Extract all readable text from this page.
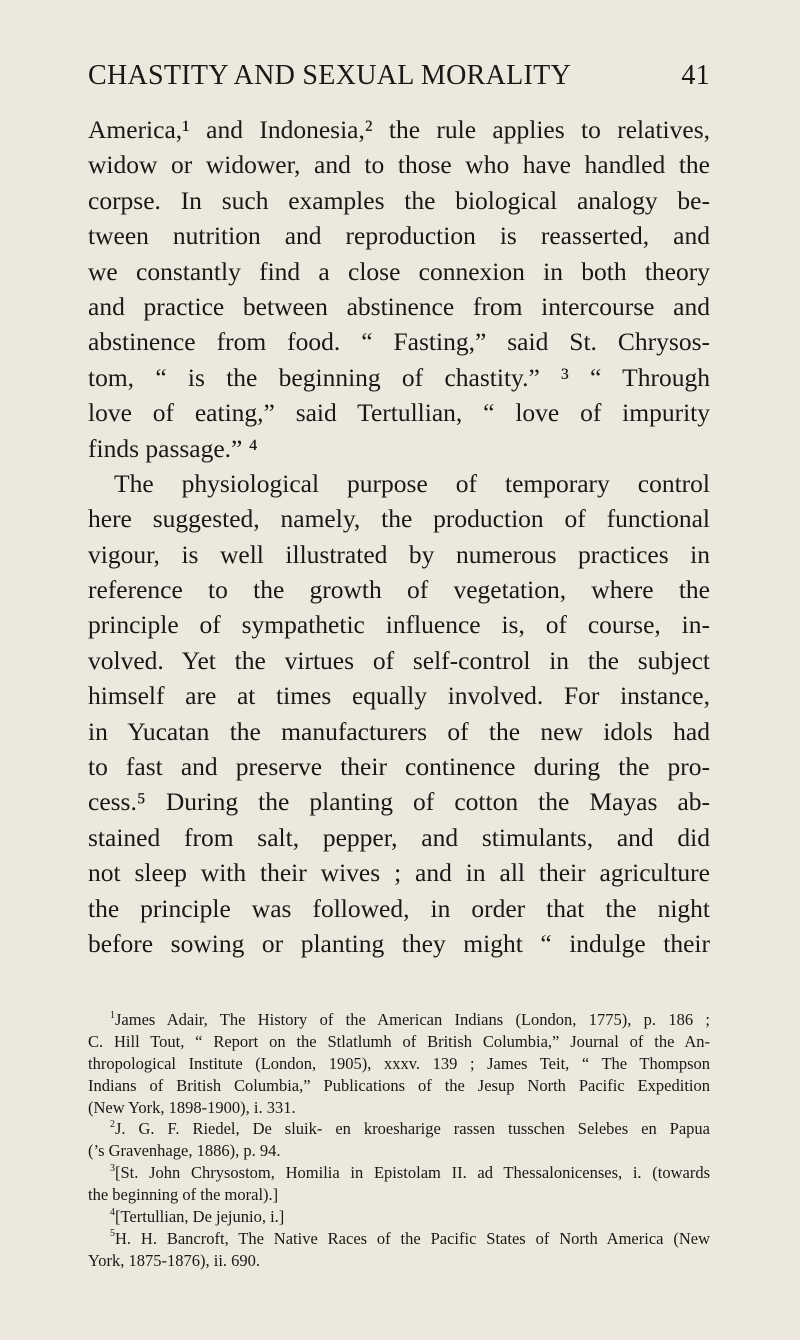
CHASTITY AND SEXUAL MORALITY	41
America,¹ and Indonesia,² the rule applies to relatives,
widow or widower, and to those who have handled the
corpse. In such examples the biological analogy be-
tween nutrition and reproduction is reasserted, and
we constantly find a close connexion in both theory
and practice between abstinence from intercourse and
abstinence from food. “ Fasting,” said St. Chrysos-
tom, “ is the beginning of chastity.” ³ “ Through
love of eating,” said Tertullian, “ love of impurity
finds passage.” ⁴
The physiological purpose of temporary control
here suggested, namely, the production of functional
vigour, is well illustrated by numerous practices in
reference to the growth of vegetation, where the
principle of sympathetic influence is, of course, in-
volved. Yet the virtues of self-control in the subject
himself are at times equally involved. For instance,
in Yucatan the manufacturers of the new idols had
to fast and preserve their continence during the pro-
cess.⁵ During the planting of cotton the Mayas ab-
stained from salt, pepper, and stimulants, and did
not sleep with their wives ; and in all their agriculture
the principle was followed, in order that the night
before sowing or planting they might “ indulge their
$^1$James Adair, The History of the American Indians (London, 1775), p. 186 ;
C. Hill Tout, “ Report on the Stlatlumh of British Columbia,” Journal of the An-
thropological Institute (London, 1905), xxxv. 139 ; James Teit, “ The Thompson
Indians of British Columbia,” Publications of the Jesup North Pacific Expedition
(New York, 1898-1900), i. 331.
$^2$J. G. F. Riedel, De sluik- en kroesharige rassen tusschen Selebes en Papua
(’s Gravenhage, 1886), p. 94.
$^3$[St. John Chrysostom, Homilia in Epistolam II. ad Thessalonicenses, i. (towards
the beginning of the moral).]
$^4$[Tertullian, De jejunio, i.]
$^5$H. H. Bancroft, The Native Races of the Pacific States of North America (New
York, 1875-1876), ii. 690.
